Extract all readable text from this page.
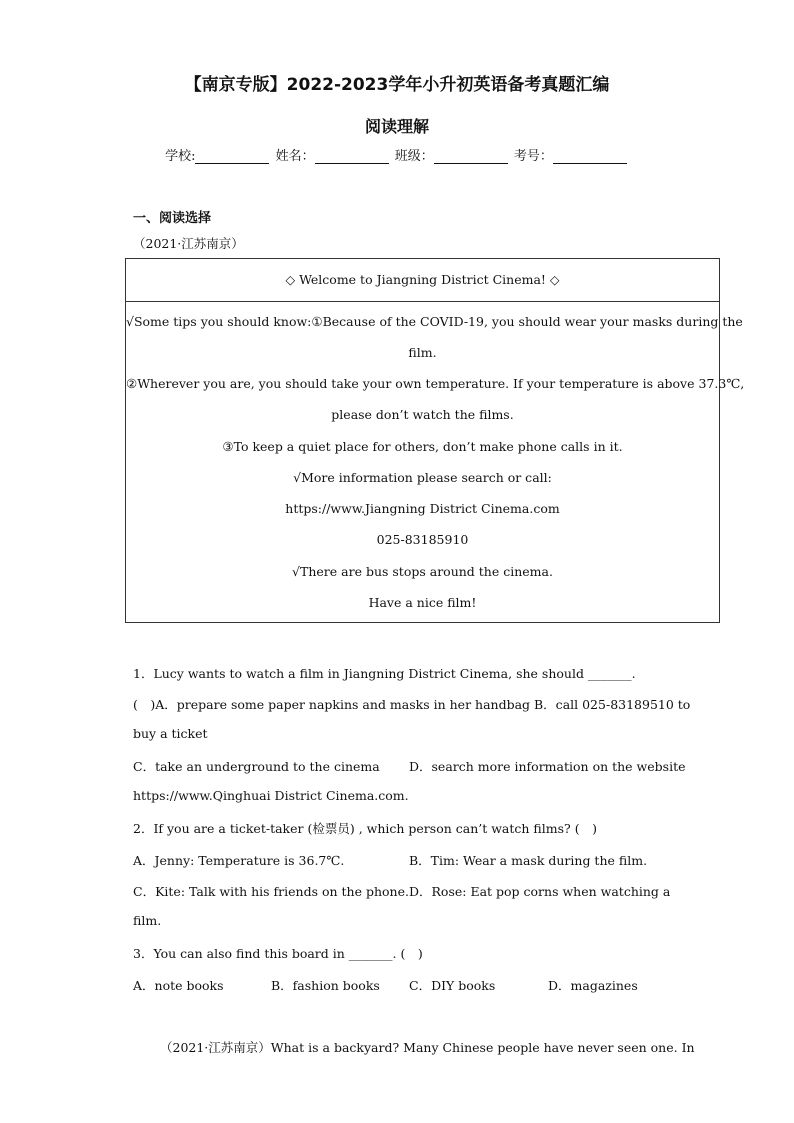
【南京专版】2022-2023学年小升初英语备考真题汇编
阅读理解
学校:	姓名：	班级：	考号：
一、阅读选择
（2021·江苏南京）
◇ Welcome to Jiangning District Cinema! ◇
√Some tips you should know:①Because of the COVID-19, you should wear your masks during the
film.
②Wherever you are, you should take your own temperature. If your temperature is above 37.3℃,
please don’t watch the films.
③To keep a quiet place for others, don’t make phone calls in it.
√More information please search or call:
https://www.Jiangning District Cinema.com
025-83185910
√There are bus stops around the cinema.
Have a nice film!
1．Lucy wants to watch a film in Jiangning District Cinema, she should _______.
(　)A．prepare some paper napkins and masks in her handbag B．call 025-83189510 to
buy a ticket
C．take an underground to the cinema D．search more information on the website
https://www.Qinghuai District Cinema.com.
2．If you are a ticket-taker (检票员) , which person can’t watch films? (　)
A．Jenny: Temperature is 36.7℃.	B．Tim: Wear a mask during the film.
C．Kite: Talk with his friends on the phone. D．Rose: Eat pop corns when watching a
film.
3．You can also find this board in _______. (　)
A．note books	B．fashion books C．DIY books	D．magazines
（2021·江苏南京）What is a backyard? Many Chinese people have never seen one. In
